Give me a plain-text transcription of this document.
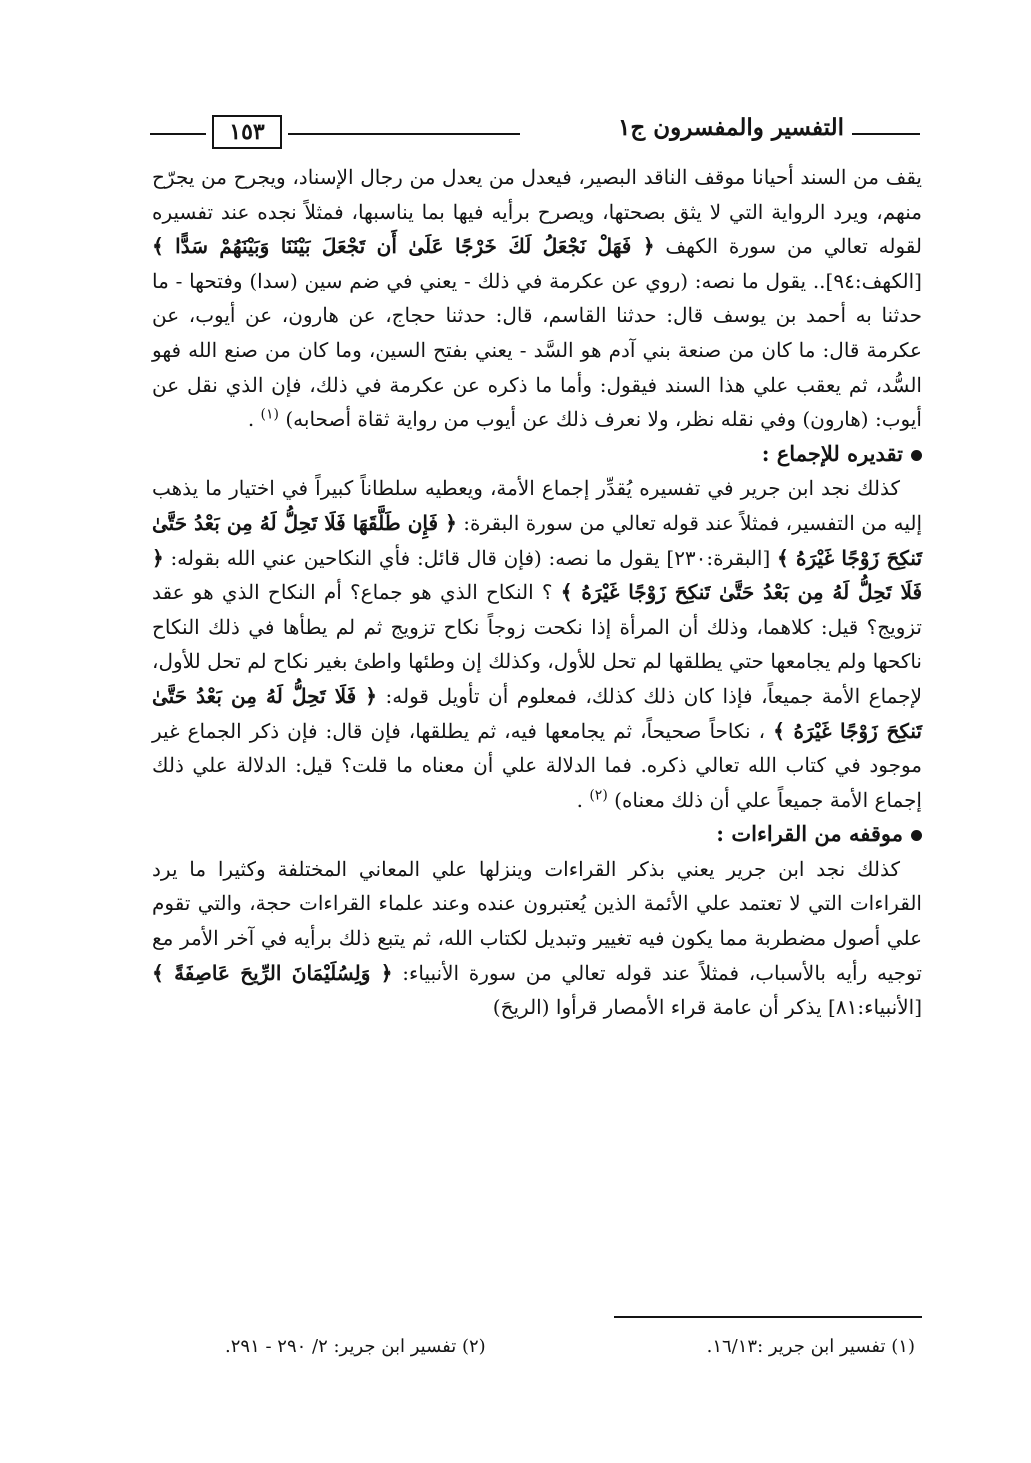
التفسير والمفسرون ج١
١٥٣

يقف من السند أحيانا موقف الناقد البصير، فيعدل من يعدل من رجال الإسناد، ويجرح من يجرّح منهم، ويرد الرواية التي لا يثق بصحتها، ويصرح برأيه فيها بما يناسبها، فمثلاً نجده عند تفسيره لقوله تعالي من سورة الكهف ﴿ فَهَلْ نَجْعَلُ لَكَ خَرْجًا عَلَىٰ أَن تَجْعَلَ بَيْنَنَا وَبَيْنَهُمْ سَدًّا ﴾ [الكهف:٩٤].. يقول ما نصه: (روي عن عكرمة في ذلك - يعني في ضم سين (سدا) وفتحها - ما حدثنا به أحمد بن يوسف قال: حدثنا القاسم، قال: حدثنا حجاج، عن هارون، عن أيوب، عن عكرمة قال: ما كان من صنعة بني آدم هو السَّد - يعني بفتح السين، وما كان من صنع الله فهو السُّد، ثم يعقب علي هذا السند فيقول: وأما ما ذكره عن عكرمة في ذلك، فإن الذي نقل عن أيوب: (هارون) وفي نقله نظر، ولا نعرف ذلك عن أيوب من رواية ثقاة أصحابه) $^{(١)}$ .

تقديره للإجماع :

كذلك نجد ابن جرير في تفسيره يُقدِّر إجماع الأمة، ويعطيه سلطاناً كبيراً في اختيار ما يذهب إليه من التفسير، فمثلاً عند قوله تعالي من سورة البقرة: ﴿ فَإِن طَلَّقَهَا فَلَا تَحِلُّ لَهُ مِن بَعْدُ حَتَّىٰ تَنكِحَ زَوْجًا غَيْرَهُ ﴾ [البقرة:٢٣٠] يقول ما نصه: (فإن قال قائل: فأي النكاحين عني الله بقوله: ﴿ فَلَا تَحِلُّ لَهُ مِن بَعْدُ حَتَّىٰ تَنكِحَ زَوْجًا غَيْرَهُ ﴾ ؟ النكاح الذي هو جماع؟ أم النكاح الذي هو عقد تزويج؟ قيل: كلاهما، وذلك أن المرأة إذا نكحت زوجاً نكاح تزويج ثم لم يطأها في ذلك النكاح ناكحها ولم يجامعها حتي يطلقها لم تحل للأول، وكذلك إن وطئها واطئ بغير نكاح لم تحل للأول، لإجماع الأمة جميعاً، فإذا كان ذلك كذلك، فمعلوم أن تأويل قوله: ﴿ فَلَا تَحِلُّ لَهُ مِن بَعْدُ حَتَّىٰ تَنكِحَ زَوْجًا غَيْرَهُ ﴾ ، نكاحاً صحيحاً، ثم يجامعها فيه، ثم يطلقها، فإن قال: فإن ذكر الجماع غير موجود في كتاب الله تعالي ذكره. فما الدلالة علي أن معناه ما قلت؟ قيل: الدلالة علي ذلك إجماع الأمة جميعاً علي أن ذلك معناه) $^{(٢)}$ .

موقفه من القراءات :

كذلك نجد ابن جرير يعني بذكر القراءات وينزلها علي المعاني المختلفة وكثيرا ما يرد القراءات التي لا تعتمد علي الأئمة الذين يُعتبرون عنده وعند علماء القراءات حجة، والتي تقوم علي أصول مضطربة مما يكون فيه تغيير وتبديل لكتاب الله، ثم يتبع ذلك برأيه في آخر الأمر مع توجيه رأيه بالأسباب، فمثلاً عند قوله تعالي من سورة الأنبياء: ﴿ وَلِسُلَيْمَانَ الرِّيحَ عَاصِفَةً ﴾ [الأنبياء:٨١] يذكر أن عامة قراء الأمصار قرأوا (الريحَ)

(١) تفسير ابن جرير :١٦/١٣.
(٢) تفسير ابن جرير: ٢/ ٢٩٠ - ٢٩١.
